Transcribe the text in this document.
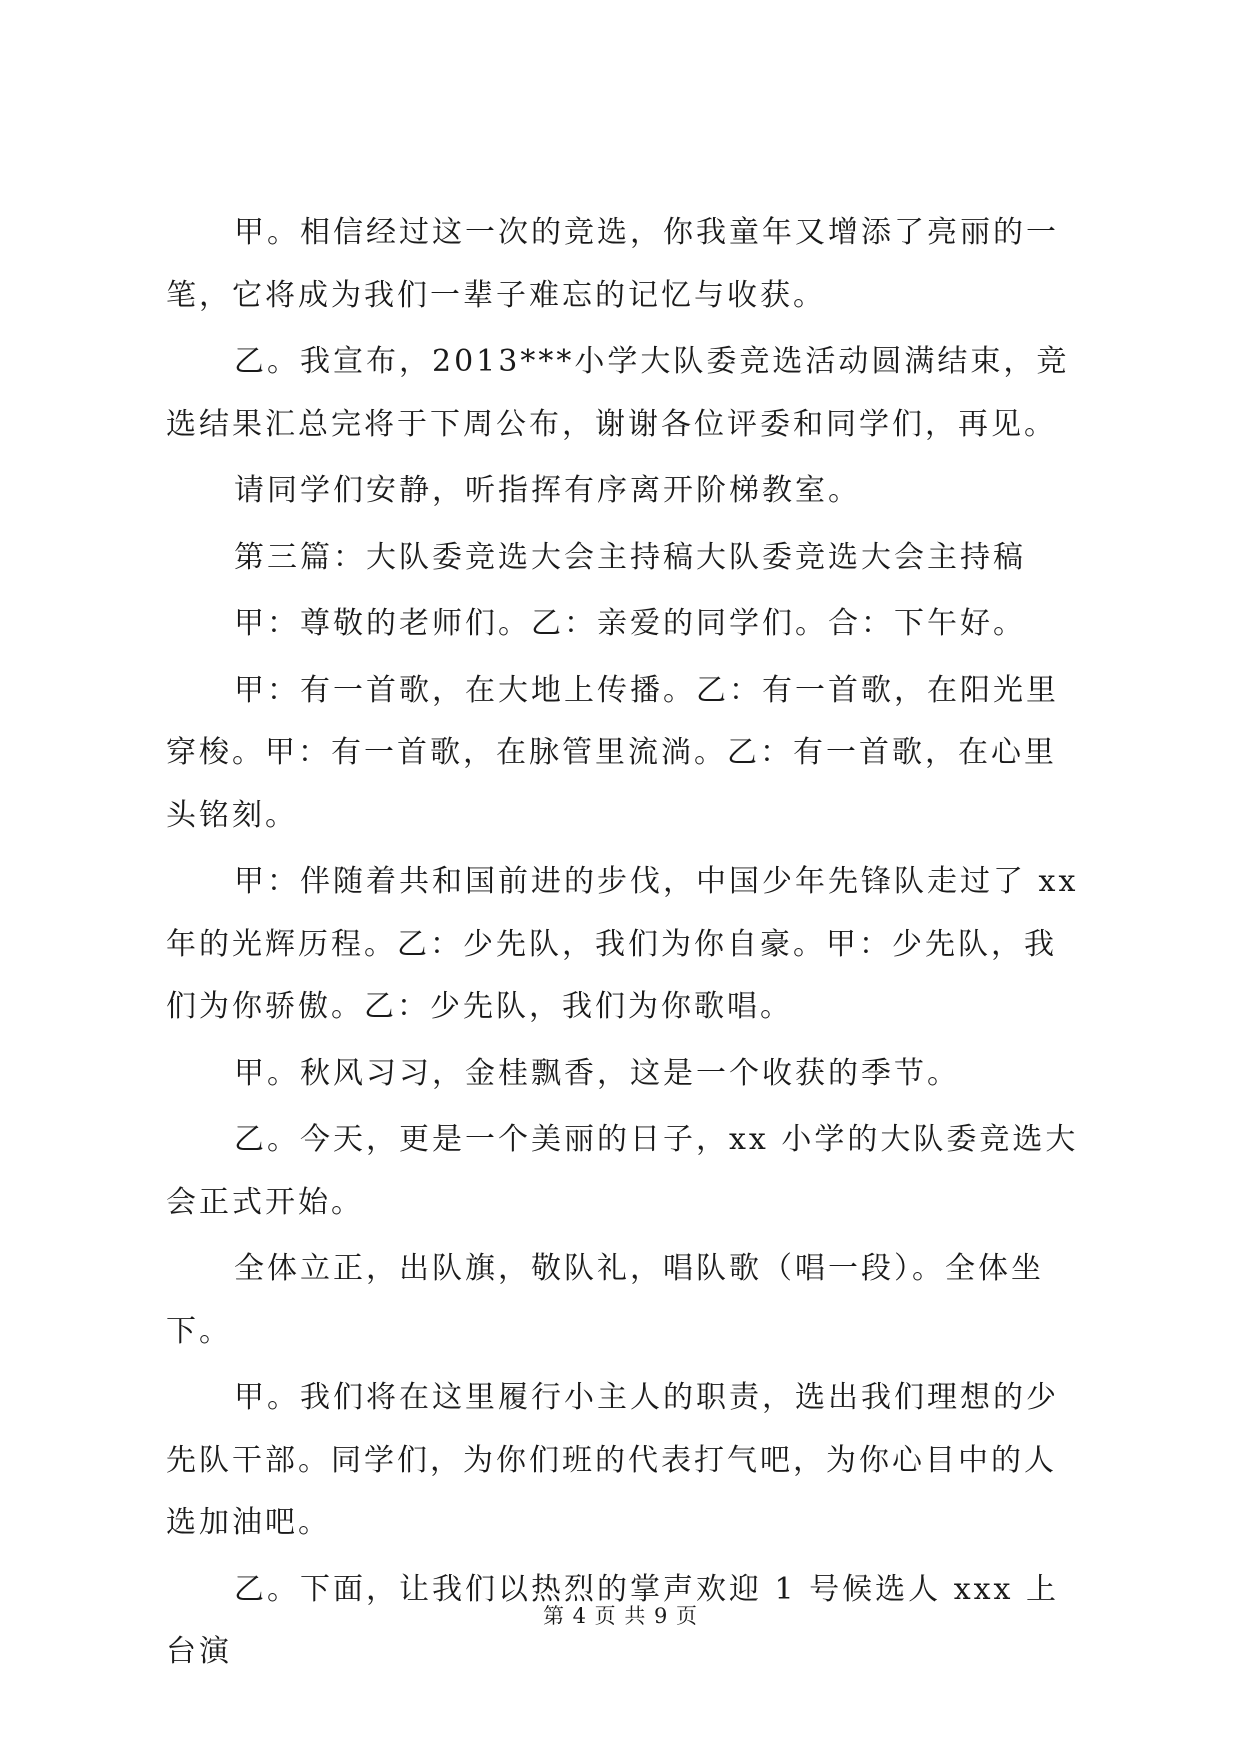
甲。相信经过这一次的竞选，你我童年又增添了亮丽的一笔，它将成为我们一辈子难忘的记忆与收获。

乙。我宣布，2013***小学大队委竞选活动圆满结束，竞选结果汇总完将于下周公布，谢谢各位评委和同学们，再见。

请同学们安静，听指挥有序离开阶梯教室。

第三篇：大队委竞选大会主持稿大队委竞选大会主持稿

甲：尊敬的老师们。乙：亲爱的同学们。合：下午好。

甲：有一首歌，在大地上传播。乙：有一首歌，在阳光里穿梭。甲：有一首歌，在脉管里流淌。乙：有一首歌，在心里头铭刻。

甲：伴随着共和国前进的步伐，中国少年先锋队走过了 xx 年的光辉历程。乙：少先队，我们为你自豪。甲：少先队，我们为你骄傲。乙：少先队，我们为你歌唱。

甲。秋风习习，金桂飘香，这是一个收获的季节。

乙。今天，更是一个美丽的日子，xx 小学的大队委竞选大会正式开始。

全体立正，出队旗，敬队礼，唱队歌（唱一段）。全体坐下。

甲。我们将在这里履行小主人的职责，选出我们理想的少先队干部。同学们，为你们班的代表打气吧，为你心目中的人选加油吧。

乙。下面，让我们以热烈的掌声欢迎 1 号候选人 xxx 上台演

第 4 页 共 9 页
